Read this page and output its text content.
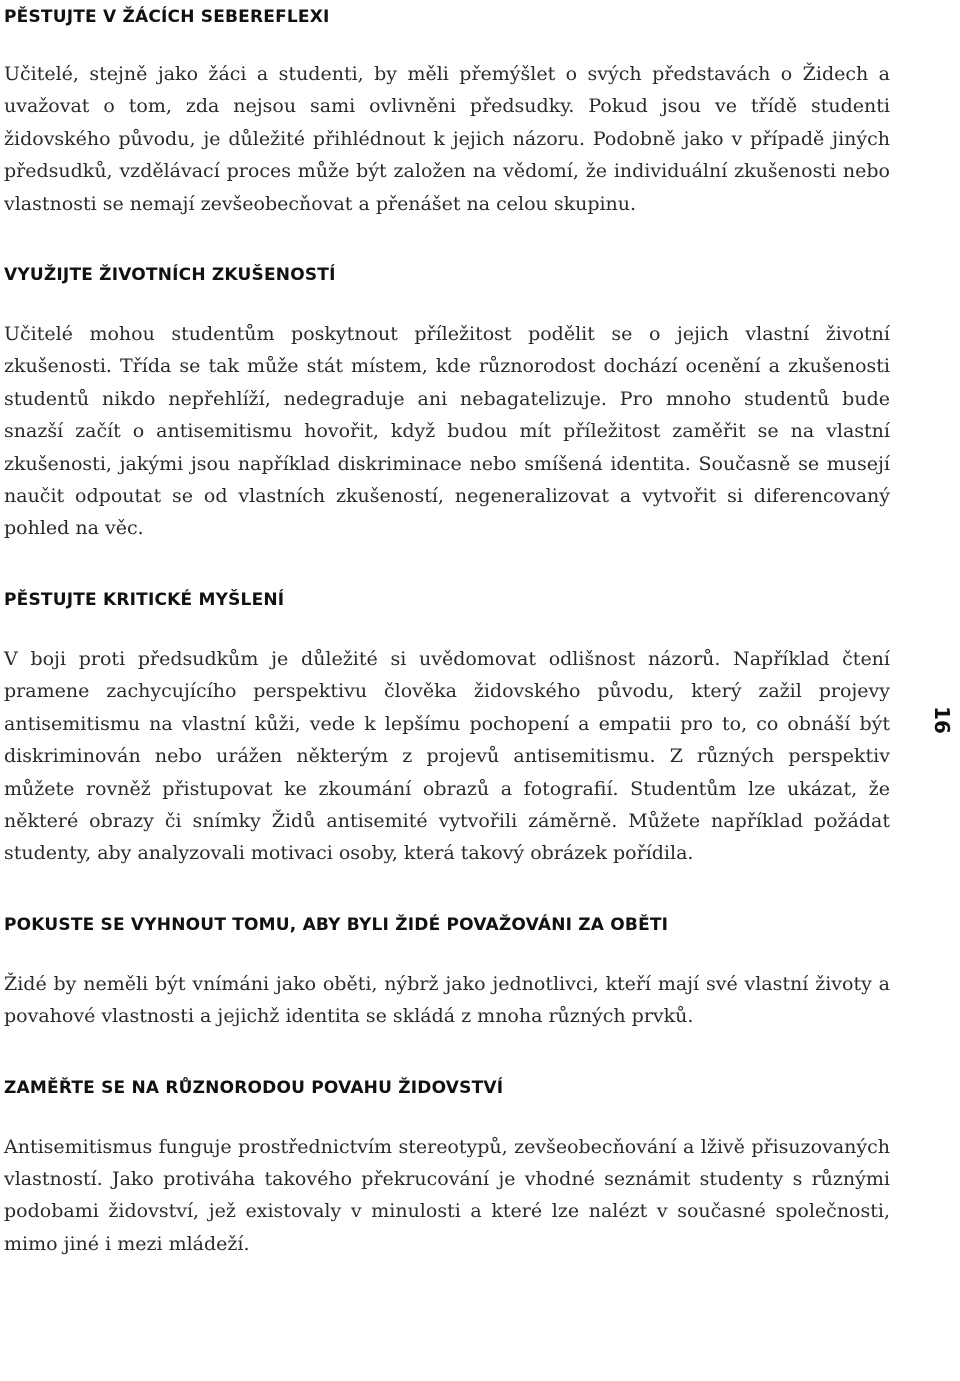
PĚSTUJTE V ŽÁCÍCH SEBEREFLEXI

Učitelé, stejně jako žáci a studenti, by měli přemýšlet o svých představách o Židech a uvažovat o tom, zda nejsou sami ovlivněni předsudky. Pokud jsou ve třídě studenti židovského původu, je důležité přihlédnout k jejich názoru. Podobně jako v případě jiných předsudků, vzdělávací proces může být založen na vědomí, že individuální zkušenosti nebo vlastnosti se nemají zevšeobecňovat a přenášet na celou skupinu.

VYUŽIJTE ŽIVOTNÍCH ZKUŠENOSTÍ

Učitelé mohou studentům poskytnout příležitost podělit se o jejich vlastní životní zkušenosti. Třída se tak může stát místem, kde různorodost dochází ocenění a zkušenosti studentů nikdo nepřehlíží, nedegraduje ani nebagatelizuje. Pro mnoho studentů bude snazší začít o antisemitismu hovořit, když budou mít příležitost zaměřit se na vlastní zkušenosti, jakými jsou například diskriminace nebo smíšená identita. Současně se musejí naučit odpoutat se od vlastních zkušeností, negeneralizovat a vytvořit si diferencovaný pohled na věc.

PĚSTUJTE KRITICKÉ MYŠLENÍ

V boji proti předsudkům je důležité si uvědomovat odlišnost názorů. Například čtení pramene zachycujícího perspektivu člověka židovského původu, který zažil projevy antisemitismu na vlastní kůži, vede k lepšímu pochopení a empatii pro to, co obnáší být diskriminován nebo urážen některým z projevů antisemitismu. Z různých perspektiv můžete rovněž přistupovat ke zkoumání obrazů a fotografií. Studentům lze ukázat, že některé obrazy či snímky Židů antisemité vytvořili záměrně. Můžete například požádat studenty, aby analyzovali motivaci osoby, která takový obrázek pořídila.

POKUSTE SE VYHNOUT TOMU, ABY BYLI ŽIDÉ POVAŽOVÁNI ZA OBĚTI

Židé by neměli být vnímáni jako oběti, nýbrž jako jednotlivci, kteří mají své vlastní životy a povahové vlastnosti a jejichž identita se skládá z mnoha různých prvků.

ZAMĚŘTE SE NA RŮZNORODOU POVAHU ŽIDOVSTVÍ

Antisemitismus funguje prostřednictvím stereotypů, zevšeobecňování a lživě přisuzovaných vlastností. Jako protiváha takového překrucování je vhodné seznámit studenty s různými podobami židovství, jež existovaly v minulosti a které lze nalézt v současné společnosti, mimo jiné i mezi mládeží.

16
